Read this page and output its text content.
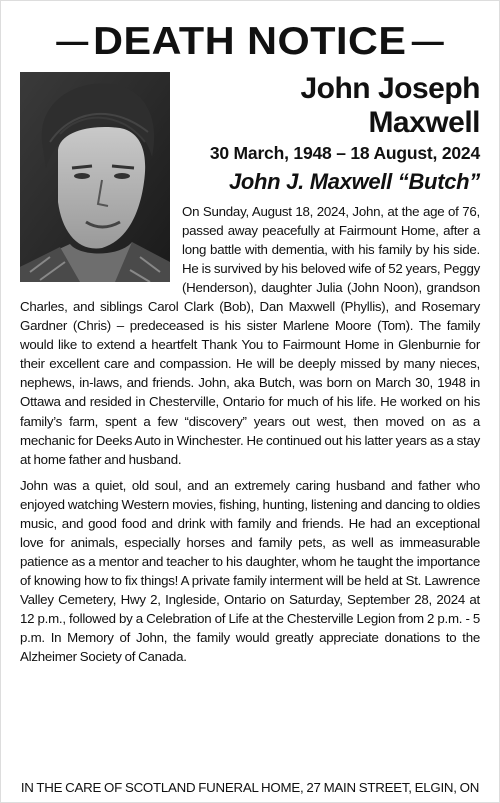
— DEATH NOTICE —
John Joseph Maxwell
30 March, 1948 – 18 August, 2024
John J. Maxwell “Butch”

On Sunday, August 18, 2024, John, at the age of 76, passed away peacefully at Fairmount Home, after a long battle with dementia, with his family by his side. He is survived by his beloved wife of 52 years, Peggy (Henderson), daughter Julia (John Noon), grandson Charles, and siblings Carol Clark (Bob), Dan Maxwell (Phyllis), and Rosemary Gardner (Chris) – predeceased is his sister Marlene Moore (Tom). The family would like to extend a heartfelt Thank You to Fairmount Home in Glenburnie for their excellent care and compassion. He will be deeply missed by many nieces, nephews, in-laws, and friends. John, aka Butch, was born on March 30, 1948 in Ottawa and resided in Chesterville, Ontario for much of his life. He worked on his family’s farm, spent a few “discovery” years out west, then moved on as a mechanic for Deeks Auto in Winchester. He continued out his latter years as a stay at home father and husband.

John was a quiet, old soul, and an extremely caring husband and father who enjoyed watching Western movies, fishing, hunting, listening and dancing to oldies music, and good food and drink with family and friends. He had an exceptional love for animals, especially horses and family pets, as well as immeasurable patience as a mentor and teacher to his daughter, whom he taught the importance of knowing how to fix things! A private family interment will be held at St. Lawrence Valley Cemetery, Hwy 2, Ingleside, Ontario on Saturday, September 28, 2024 at 12 p.m., followed by a Celebration of Life at the Chesterville Legion from 2 p.m. - 5 p.m. In Memory of John, the family would greatly appreciate donations to the Alzheimer Society of Canada.

IN THE CARE OF SCOTLAND FUNERAL HOME, 27 MAIN STREET, ELGIN, ON
